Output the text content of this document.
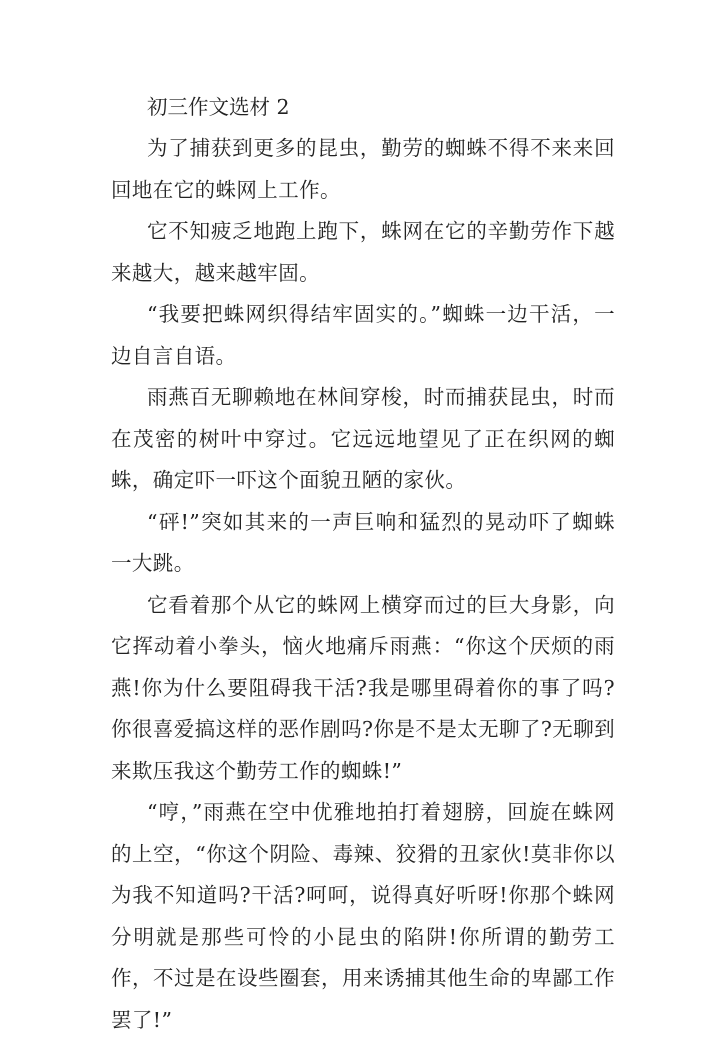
初三作文选材 2

为了捕获到更多的昆虫，勤劳的蜘蛛不得不来来回回地在它的蛛网上工作。

它不知疲乏地跑上跑下，蛛网在它的辛勤劳作下越来越大，越来越牢固。

“我要把蛛网织得结牢固实的。”蜘蛛一边干活，一边自言自语。

雨燕百无聊赖地在林间穿梭，时而捕获昆虫，时而在茂密的树叶中穿过。它远远地望见了正在织网的蜘蛛，确定吓一吓这个面貌丑陋的家伙。

“砰!”突如其来的一声巨响和猛烈的晃动吓了蜘蛛一大跳。

它看着那个从它的蛛网上横穿而过的巨大身影，向它挥动着小拳头，恼火地痛斥雨燕：“你这个厌烦的雨燕!你为什么要阻碍我干活?我是哪里碍着你的事了吗?你很喜爱搞这样的恶作剧吗?你是不是太无聊了?无聊到来欺压我这个勤劳工作的蜘蛛!”

“哼，”雨燕在空中优雅地拍打着翅膀，回旋在蛛网的上空，“你这个阴险、毒辣、狡猾的丑家伙!莫非你以为我不知道吗?干活?呵呵，说得真好听呀!你那个蛛网分明就是那些可怜的小昆虫的陷阱!你所谓的勤劳工作，不过是在设些圈套，用来诱捕其他生命的卑鄙工作罢了!”
